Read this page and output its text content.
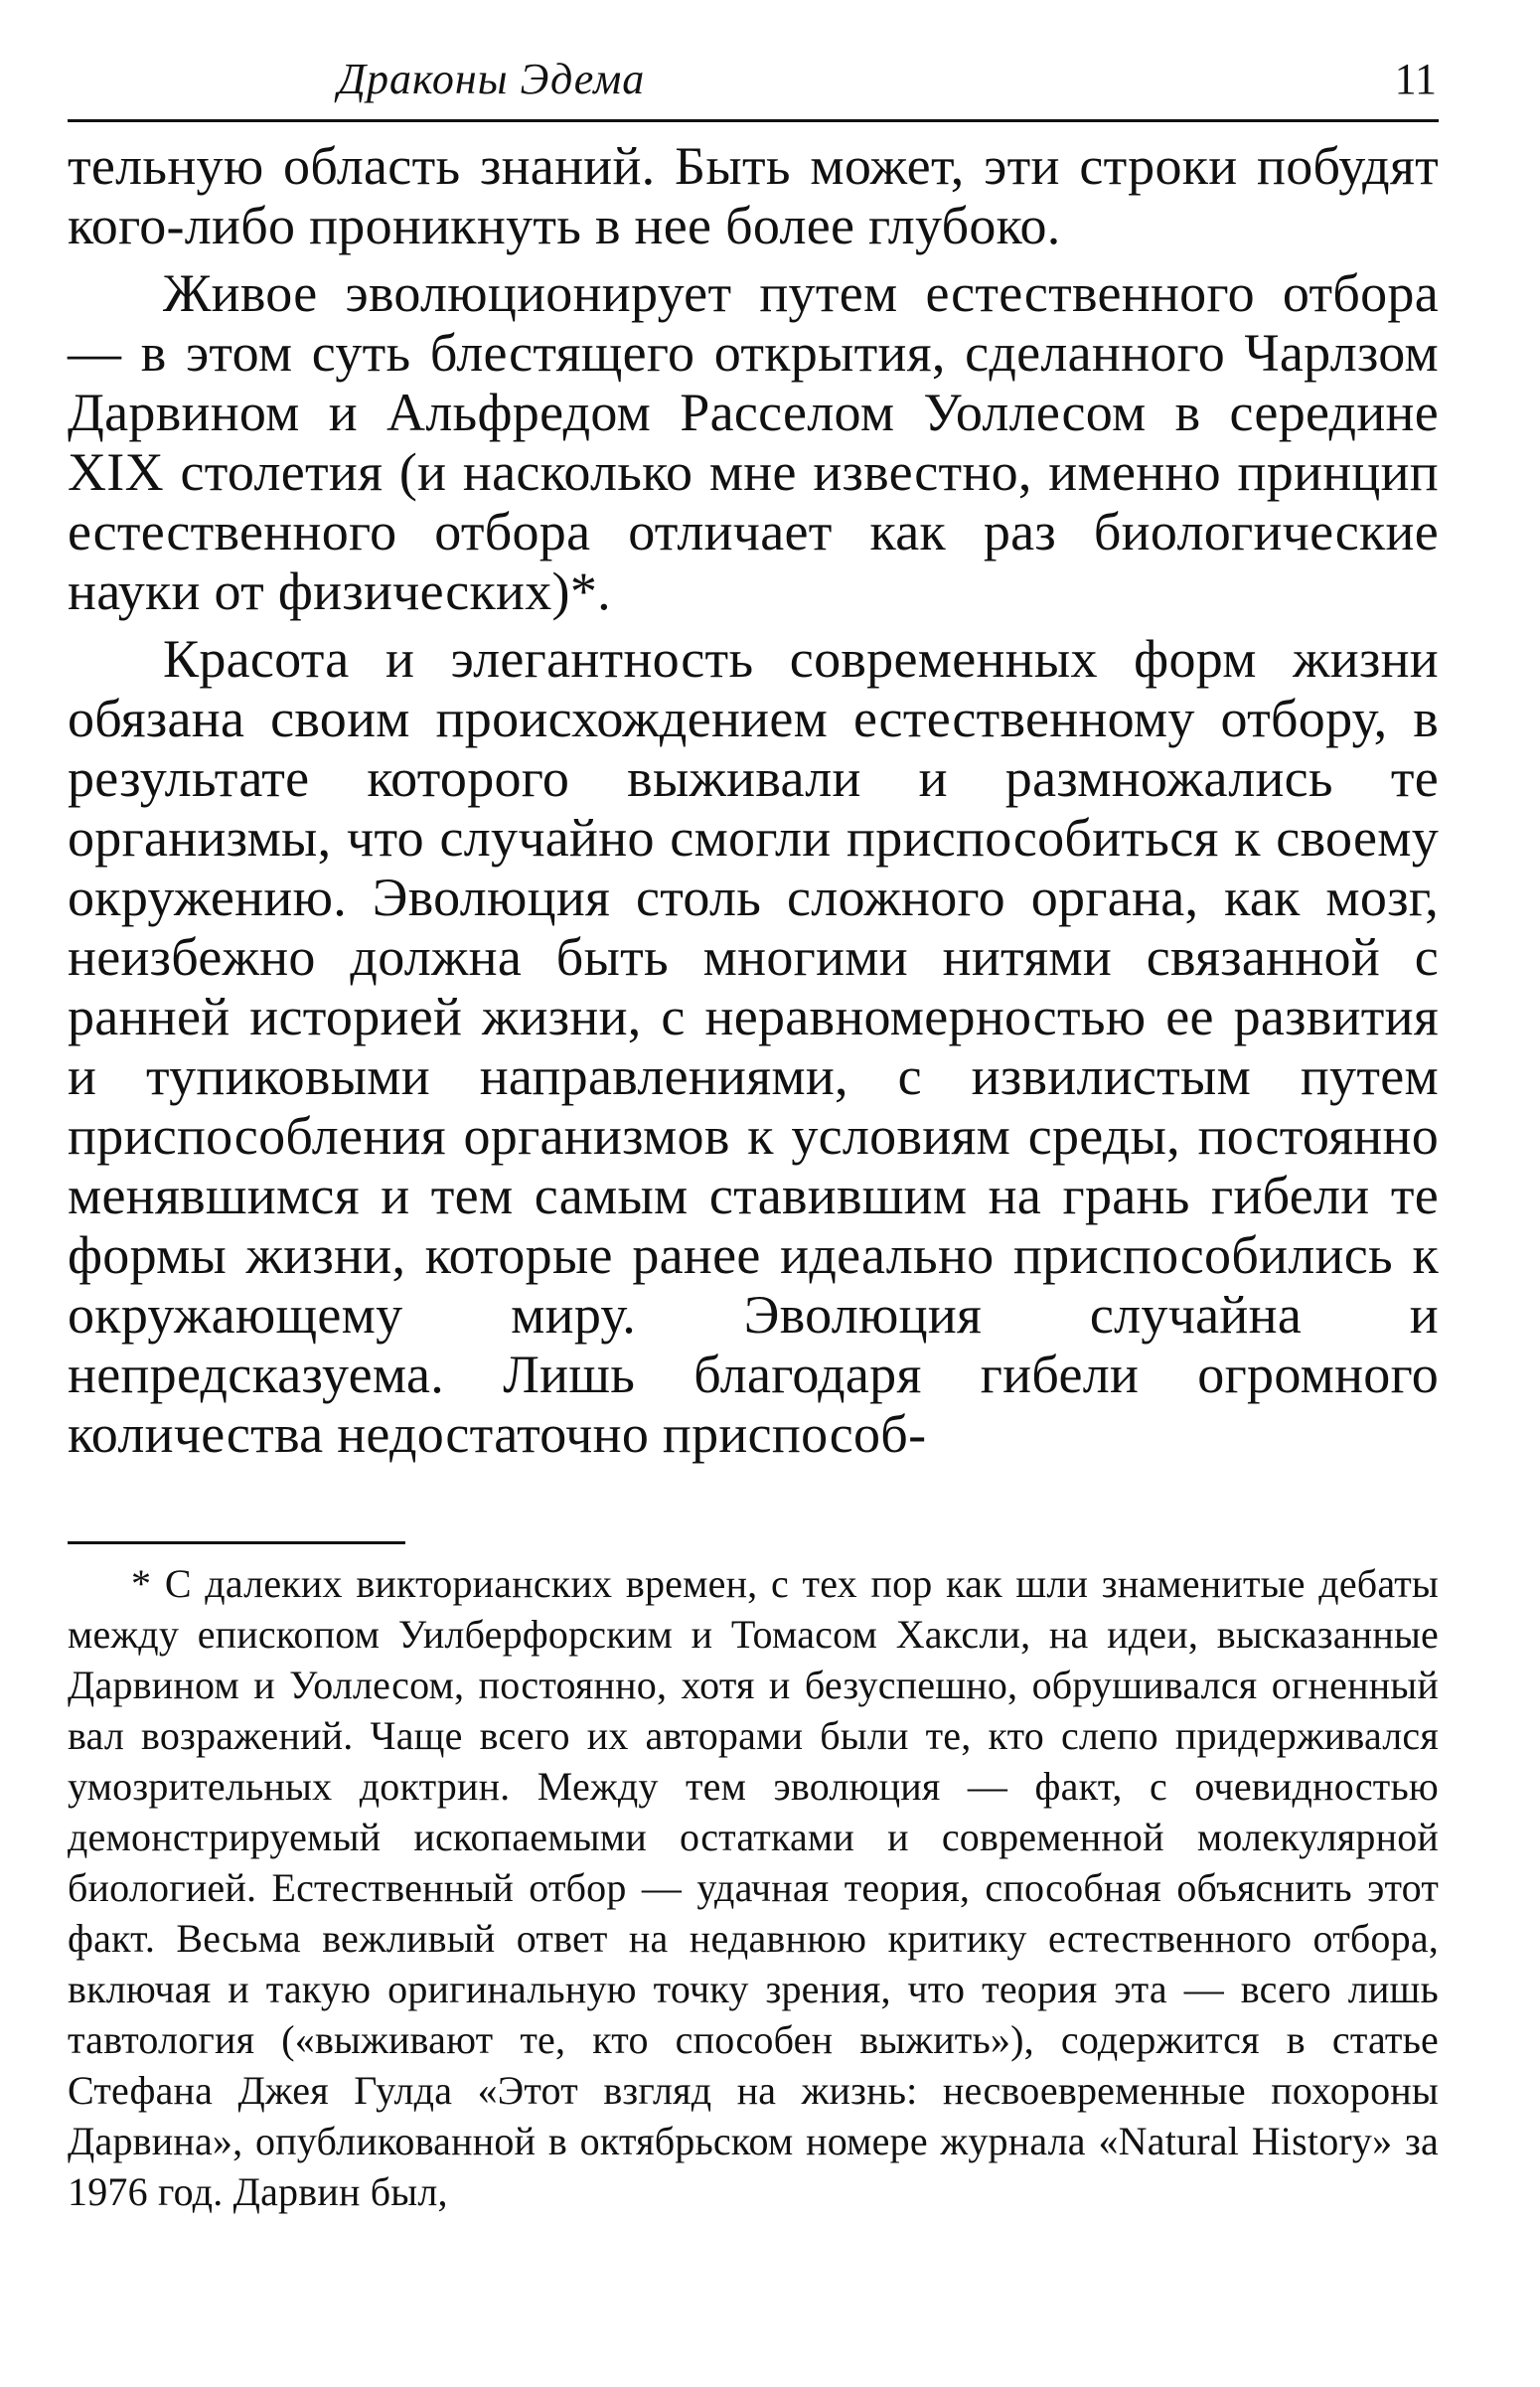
Драконы Эдема	11

тельную область знаний. Быть может, эти строки побудят кого-либо проникнуть в нее более глубоко.

Живое эволюционирует путем естественного отбора — в этом суть блестящего открытия, сделанного Чарлзом Дарвином и Альфредом Расселом Уоллесом в середине XIX столетия (и насколько мне известно, именно принцип естественного отбора отличает как раз биологические науки от физических)*.

Красота и элегантность современных форм жизни обязана своим происхождением естественному отбору, в результате которого выживали и размножались те организмы, что случайно смогли приспособиться к своему окружению. Эволюция столь сложного органа, как мозг, неизбежно должна быть многими нитями связанной с ранней историей жизни, с неравномерностью ее развития и тупиковыми направлениями, с извилистым путем приспособления организмов к условиям среды, постоянно менявшимся и тем самым ставившим на грань гибели те формы жизни, которые ранее идеально приспособились к окружающему миру. Эволюция случайна и непредсказуема. Лишь благодаря гибели огромного количества недостаточно приспособ-

* С далеких викторианских времен, с тех пор как шли знаменитые дебаты между епископом Уилберфорским и Томасом Хаксли, на идеи, высказанные Дарвином и Уоллесом, постоянно, хотя и безуспешно, обрушивался огненный вал возражений. Чаще всего их авторами были те, кто слепо придерживался умозрительных доктрин. Между тем эволюция — факт, с очевидностью демонстрируемый ископаемыми остатками и современной молекулярной биологией. Естественный отбор — удачная теория, способная объяснить этот факт. Весьма вежливый ответ на недавнюю критику естественного отбора, включая и такую оригинальную точку зрения, что теория эта — всего лишь тавтология («выживают те, кто способен выжить»), содержится в статье Стефана Джея Гулда «Этот взгляд на жизнь: несвоевременные похороны Дарвина», опубликованной в октябрьском номере журнала «Natural History» за 1976 год. Дарвин был,
